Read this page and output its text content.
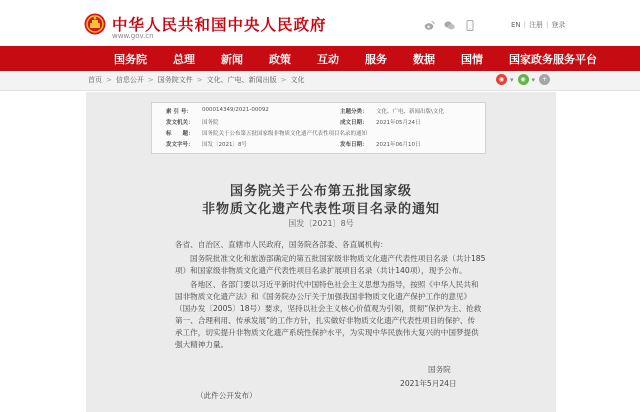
中华人民共和国中央人民政府
www.gov.cn
EN | 注册 | 登录
国务院 总理 新闻 政策 互动 服务 数据 国情 国家政务服务平台
首页 > 信息公开 > 国务院文件 > 文化、广电、新闻出版 > 文化	◉ ▾	◉ ▾	+
索 引 号： 000014349/2021-00092	主题分类： 文化、广电、新闻出版\文化
发文机关： 国务院	成文日期： 2021年05月24日
标　　题： 国务院关于公布第五批国家级非物质文化遗产代表性项目名录的通知
发文字号： 国发〔2021〕8号	发布日期： 2021年06月10日
国务院关于公布第五批国家级
非物质文化遗产代表性项目名录的通知
国发〔2021〕8号
各省、自治区、直辖市人民政府，国务院各部委、各直属机构：
国务院批准文化和旅游部确定的第五批国家级非物质文化遗产代表性项目名录（共计185
项）和国家级非物质文化遗产代表性项目名录扩展项目名录（共计140项），现予公布。
各地区、各部门要以习近平新时代中国特色社会主义思想为指导，按照《中华人民共和
国非物质文化遗产法》和《国务院办公厅关于加强我国非物质文化遗产保护工作的意见》
（国办发〔2005〕18号）要求，坚持以社会主义核心价值观为引领，贯彻“保护为主、抢救
第一、合理利用、传承发展”的工作方针，扎实做好非物质文化遗产代表性项目的保护、传
承工作，切实提升非物质文化遗产系统性保护水平，为实现中华民族伟大复兴的中国梦提供
强大精神力量。
国务院
2021年5月24日
（此件公开发布）
